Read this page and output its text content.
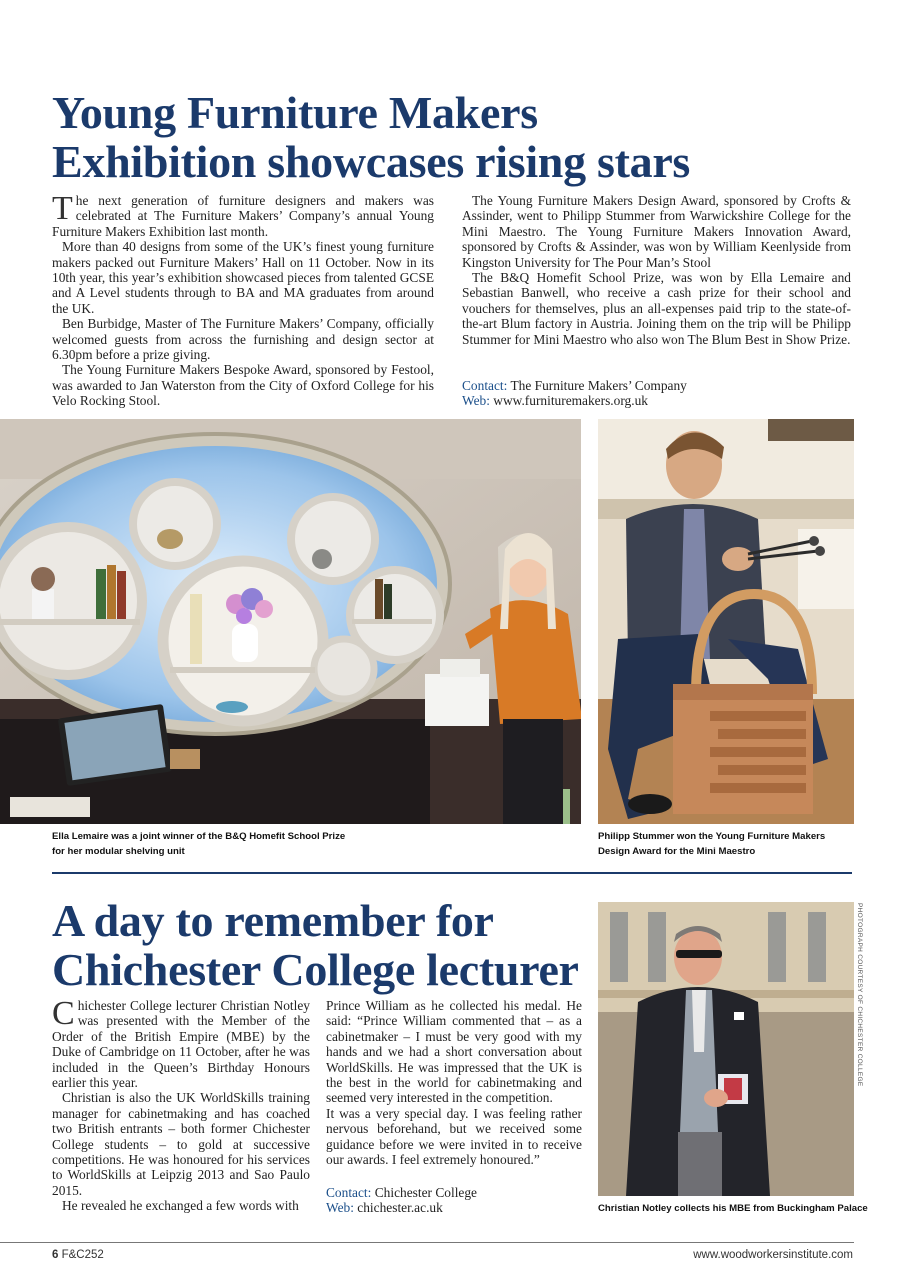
Young Furniture Makers
Exhibition showcases rising stars

The next generation of furniture designers and makers was celebrated at The Furniture Makers’ Company’s annual Young Furniture Makers Exhibition last month.

More than 40 designs from some of the UK’s finest young furniture makers packed out Furniture Makers’ Hall on 11 October. Now in its 10th year, this year’s exhibition showcased pieces from talented GCSE and A Level students through to BA and MA graduates from around the UK.

Ben Burbidge, Master of The Furniture Makers’ Company, officially welcomed guests from across the furnishing and design sector at 6.30pm before a prize giving.

The Young Furniture Makers Bespoke Award, sponsored by Festool, was awarded to Jan Waterston from the City of Oxford College for his Velo Rocking Stool.

The Young Furniture Makers Design Award, sponsored by Crofts & Assinder, went to Philipp Stummer from Warwickshire College for the Mini Maestro. The Young Furniture Makers Innovation Award, sponsored by Crofts & Assinder, was won by William Keenlyside from Kingston University for The Pour Man’s Stool

The B&Q Homefit School Prize, was won by Ella Lemaire and Sebastian Banwell, who receive a cash prize for their school and vouchers for themselves, plus an all-expenses paid trip to the state-of-the-art Blum factory in Austria. Joining them on the trip will be Philipp Stummer for Mini Maestro who also won The Blum Best in Show Prize.

Contact: The Furniture Makers’ Company
Web: www.furnituremakers.org.uk
Ella Lemaire was a joint winner of the B&Q Homefit School Prize
for her modular shelving unit
Philipp Stummer won the Young Furniture Makers
Design Award for the Mini Maestro
A day to remember for
Chichester College lecturer

Chichester College lecturer Christian Notley was presented with the Member of the Order of the British Empire (MBE) by the Duke of Cambridge on 11 October, after he was included in the Queen’s Birthday Honours earlier this year.

Christian is also the UK WorldSkills training manager for cabinetmaking and has coached two British entrants – both former Chichester College students – to gold at successive competitions. He was honoured for his services to WorldSkills at Leipzig 2013 and Sao Paulo 2015.

He revealed he exchanged a few words with

Prince William as he collected his medal. He said: “Prince William commented that – as a cabinetmaker – I must be very good with my hands and we had a short conversation about WorldSkills. He was impressed that the UK is the best in the world for cabinetmaking and seemed very interested in the competition.

It was a very special day. I was feeling rather nervous beforehand, but we received some guidance before we were invited in to receive our awards. I feel extremely honoured.”

Contact: Chichester College
Web: chichester.ac.uk
PHOTOGRAPH COURTESY OF CHICHESTER COLLEGE
Christian Notley collects his MBE from Buckingham Palace
6 F&C252	www.woodworkersinstitute.com
